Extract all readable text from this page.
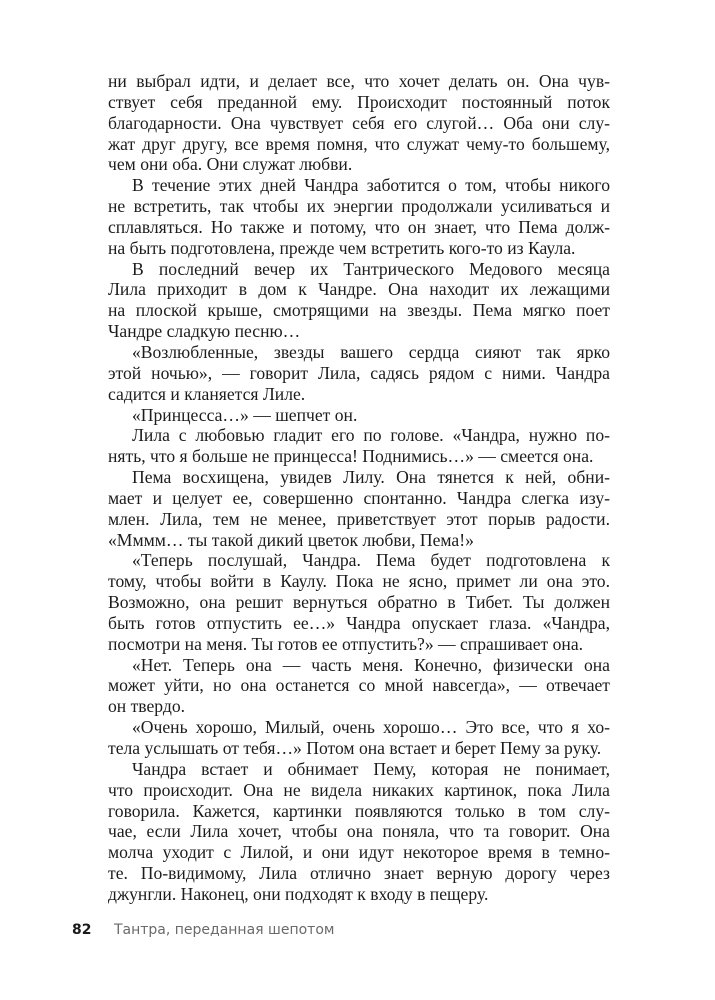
ни выбрал идти, и делает все, что хочет делать он. Она чув-
ствует себя преданной ему. Происходит постоянный поток
благодарности. Она чувствует себя его слугой… Оба они слу-
жат друг другу, все время помня, что служат чему-то большему,
чем они оба. Они служат любви.
В течение этих дней Чандра заботится о том, чтобы никого
не встретить, так чтобы их энергии продолжали усиливаться и
сплавляться. Но также и потому, что он знает, что Пема долж-
на быть подготовлена, прежде чем встретить кого-то из Каула.
В последний вечер их Тантрического Медового месяца
Лила приходит в дом к Чандре. Она находит их лежащими
на плоской крыше, смотрящими на звезды. Пема мягко поет
Чандре сладкую песню…
«Возлюбленные, звезды вашего сердца сияют так ярко
этой ночью», — говорит Лила, садясь рядом с ними. Чандра
садится и кланяется Лиле.
«Принцесса…» — шепчет он.
Лила с любовью гладит его по голове. «Чандра, нужно по-
нять, что я больше не принцесса! Поднимись…» — смеется она.
Пема восхищена, увидев Лилу. Она тянется к ней, обни-
мает и целует ее, совершенно спонтанно. Чандра слегка изу-
млен. Лила, тем не менее, приветствует этот порыв радости.
«Мммм… ты такой дикий цветок любви, Пема!»
«Теперь послушай, Чандра. Пема будет подготовлена к
тому, чтобы войти в Каулу. Пока не ясно, примет ли она это.
Возможно, она решит вернуться обратно в Тибет. Ты должен
быть готов отпустить ее…» Чандра опускает глаза. «Чандра,
посмотри на меня. Ты готов ее отпустить?» — спрашивает она.
«Нет. Теперь она — часть меня. Конечно, физически она
может уйти, но она останется со мной навсегда», — отвечает
он твердо.
«Очень хорошо, Милый, очень хорошо… Это все, что я хо-
тела услышать от тебя…» Потом она встает и берет Пему за руку.
Чандра встает и обнимает Пему, которая не понимает,
что происходит. Она не видела никаких картинок, пока Лила
говорила. Кажется, картинки появляются только в том слу-
чае, если Лила хочет, чтобы она поняла, что та говорит. Она
молча уходит с Лилой, и они идут некоторое время в темно-
те. По-видимому, Лила отлично знает верную дорогу через
джунгли. Наконец, они подходят к входу в пещеру.
82 Тантра, переданная шепотом
